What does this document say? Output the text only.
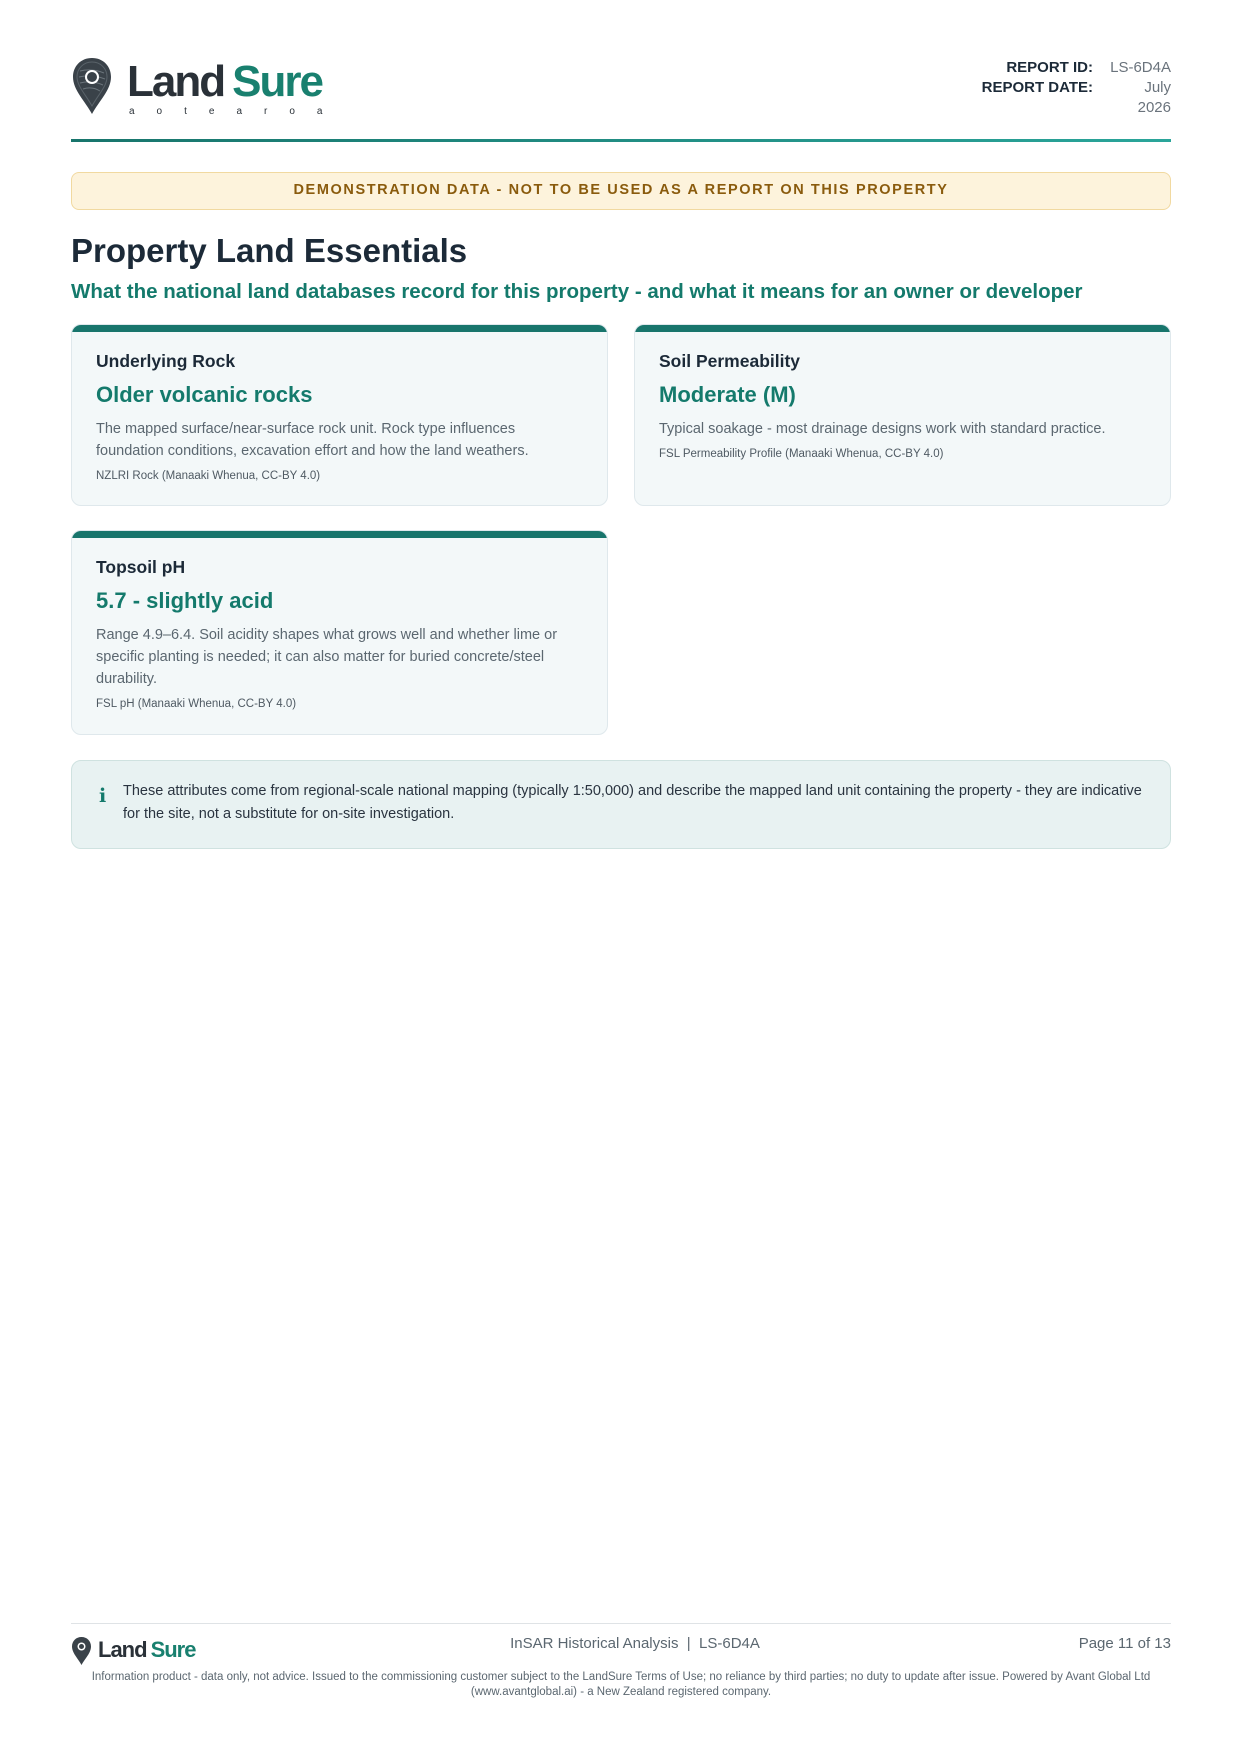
Land Sure
aotearoa
REPORT ID: LS-6D4A
REPORT DATE:	July 2026
DEMONSTRATION DATA - NOT TO BE USED AS A REPORT ON THIS PROPERTY
Property Land Essentials
What the national land databases record for this property - and what it means for an owner or developer
Underlying Rock
Older volcanic rocks
The mapped surface/near-surface rock unit. Rock type influences foundation conditions, excavation effort and how the land weathers.
NZLRI Rock (Manaaki Whenua, CC-BY 4.0)
Soil Permeability
Moderate (M)
Typical soakage - most drainage designs work with standard practice.
FSL Permeability Profile (Manaaki Whenua, CC-BY 4.0)
Topsoil pH
5.7 - slightly acid
Range 4.9–6.4. Soil acidity shapes what grows well and whether lime or specific planting is needed; it can also matter for buried concrete/steel durability.
FSL pH (Manaaki Whenua, CC-BY 4.0)
i These attributes come from regional-scale national mapping (typically 1:50,000) and describe the mapped land unit containing the property - they are indicative for the site, not a substitute for on-site investigation.
Land Sure	InSAR Historical Analysis  |  LS-6D4A	Page 11 of 13
Information product - data only, not advice. Issued to the commissioning customer subject to the LandSure Terms of Use; no reliance by third parties; no duty to update after issue. Powered by Avant Global Ltd (www.avantglobal.ai) - a New Zealand registered company.
